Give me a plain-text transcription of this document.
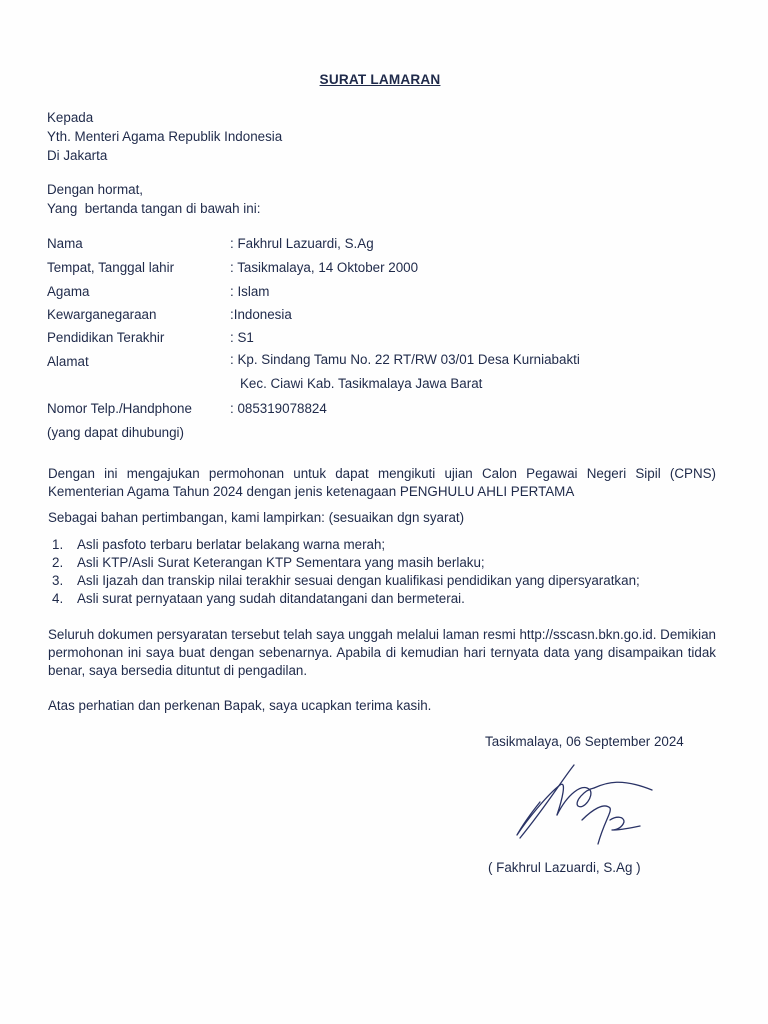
SURAT LAMARAN
Kepada
Yth. Menteri Agama Republik Indonesia
Di Jakarta
Dengan hormat,
Yang  bertanda tangan di bawah ini:
Nama	: Fakhrul Lazuardi, S.Ag
Tempat, Tanggal lahir	: Tasikmalaya, 14 Oktober 2000
Agama	: Islam
Kewarganegaraan	:Indonesia
Pendidikan Terakhir	: S1
Alamat	: Kp. Sindang Tamu No. 22 RT/RW 03/01 Desa Kurniabakti
Kec. Ciawi Kab. Tasikmalaya Jawa Barat
Nomor Telp./Handphone	: 085319078824
(yang dapat dihubungi)
Dengan ini mengajukan permohonan untuk dapat mengikuti ujian Calon Pegawai Negeri Sipil (CPNS) Kementerian Agama Tahun 2024 dengan jenis ketenagaan PENGHULU AHLI PERTAMA
Sebagai bahan pertimbangan, kami lampirkan: (sesuaikan dgn syarat)
1. Asli pasfoto terbaru berlatar belakang warna merah;
2. Asli KTP/Asli Surat Keterangan KTP Sementara yang masih berlaku;
3. Asli Ijazah dan transkip nilai terakhir sesuai dengan kualifikasi pendidikan yang dipersyaratkan;
4. Asli surat pernyataan yang sudah ditandatangani dan bermeterai.
Seluruh dokumen persyaratan tersebut telah saya unggah melalui laman resmi http://sscasn.bkn.go.id. Demikian permohonan ini saya buat dengan sebenarnya. Apabila di kemudian hari ternyata data yang disampaikan tidak benar, saya bersedia dituntut di pengadilan.
Atas perhatian dan perkenan Bapak, saya ucapkan terima kasih.
Tasikmalaya, 06 September 2024
( Fakhrul Lazuardi, S.Ag )
